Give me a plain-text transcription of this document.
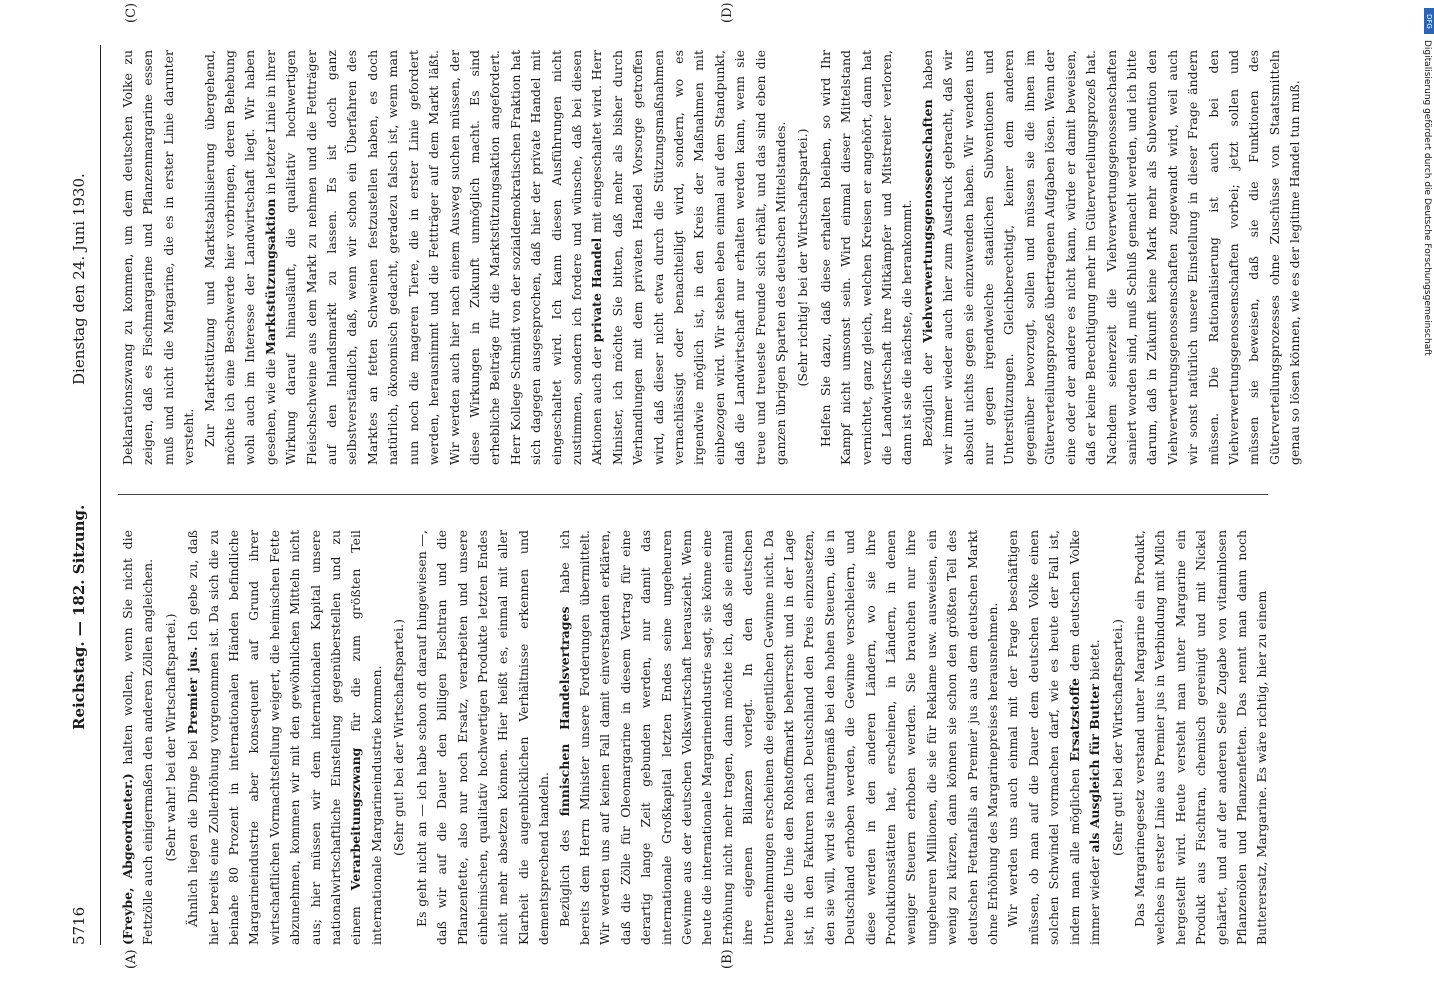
5716
Reichstag. — 182. Sitzung.
Dienstag den 24. Juni 1930.
(A)	(B)
(C)	(D)

(Freybe, Abgeordneter.) halten wollen, wenn Sie nicht die Fettzölle auch einigermaßen den anderen Zöllen angleichen. (Sehr wahr! bei der Wirtschaftspartei.) Ähnlich liegen die Dinge bei Premier jus. Ich gebe zu, daß hier bereits eine Zollerhöhung vorgenommen ist. Da sich die zu beinahe 80 Prozent in internationalen Händen befindliche Margarineindustrie aber konsequent auf Grund ihrer wirtschaftlichen Vormachtstellung weigert, die heimischen Fette abzunehmen, kommen wir mit den gewöhnlichen Mitteln nicht aus; hier müssen wir dem internationalen Kapital unsere nationalwirtschaftliche Einstellung gegenüberstellen und zu einem Verarbeitungszwang für die zum größten Teil internationale Margarineindustrie kommen. (Sehr gut! bei der Wirtschaftspartei.) Es geht nicht an — ich habe schon oft darauf hingewiesen —, daß wir auf die Dauer den billigen Fischtran und die Pflanzenfette, also nur noch Ersatz, verarbeiten und unsere einheimischen, qualitativ hochwertigen Produkte letzten Endes nicht mehr absetzen können. Hier heißt es, einmal mit aller Klarheit die augenblicklichen Verhältnisse erkennen und dementsprechend handeln. Bezüglich des finnischen Handelsvertrages habe ich bereits dem Herrn Minister unsere Forderungen übermittelt. Wir werden uns auf keinen Fall damit einverstanden erklären, daß die Zölle für Oleomargarine in diesem Vertrag für eine derartig lange Zeit gebunden werden, nur damit das internationale Großkapital letzten Endes seine ungeheuren Gewinne aus der deutschen Volkswirtschaft herauszieht. Wenn heute die internationale Margarineindustrie sagt, sie könne eine Erhöhung nicht mehr tragen, dann möchte ich, daß sie einmal ihre eigenen Bilanzen vorlegt. In den deutschen Unternehmungen erscheinen die eigentlichen Gewinne nicht. Da heute die Unie den Rohstoffmarkt beherrscht und in der Lage ist, in den Fakturen nach Deutschland den Preis einzusetzen, den sie will, wird sie naturgemäß bei den hohen Steuern, die in Deutschland erhoben werden, die Gewinne verschleiern, und diese werden in den anderen Ländern, wo sie ihre Produktionsstätten hat, erscheinen, in Ländern, in denen weniger Steuern erhoben werden. Sie brauchen nur ihre ungeheuren Millionen, die sie für Reklame usw. ausweisen, ein wenig zu kürzen, dann können sie schon den größten Teil des deutschen Fettanfalls an Premier jus aus dem deutschen Markt ohne Erhöhung des Margarinepreises herausnehmen. Wir werden uns auch einmal mit der Frage beschäftigen müssen, ob man auf die Dauer dem deutschen Volke einen solchen Schwindel vormachen darf, wie es heute der Fall ist, indem man alle möglichen Ersatzstoffe dem deutschen Volke immer wieder als Ausgleich für Butter bietet. (Sehr gut! bei der Wirtschaftspartei.) Das Margarinegesetz verstand unter Margarine ein Produkt, welches in erster Linie aus Premier jus in Verbindung mit Milch hergestellt wird. Heute versteht man unter Margarine ein Produkt aus Fischtran, chemisch gereinigt und mit Nickel gehärtet, und auf der anderen Seite Zugabe von vitaminlosen Pflanzenölen und Pflanzenfetten. Das nennt man dann noch Butterersatz, Margarine. Es wäre richtig, hier zu einem

Deklarationszwang zu kommen, um dem deutschen Volke zu zeigen, daß es Fischmargarine und Pflanzenmargarine essen muß und nicht die Margarine, die es in erster Linie darunter versteht. Zur Marktstützung und Marktstabilisierung übergehend, möchte ich eine Beschwerde hier vorbringen, deren Behebung wohl auch im Interesse der Landwirtschaft liegt. Wir haben gesehen, wie die Marktstützungsaktion in letzter Linie in ihrer Wirkung darauf hinausläuft, die qualitativ hochwertigen Fleischschweine aus dem Markt zu nehmen und die Fettträger auf den Inlandsmarkt zu lassen. Es ist doch ganz selbstverständlich, daß, wenn wir schon ein Überfahren des Marktes an fetten Schweinen festzustellen haben, es doch natürlich, ökonomisch gedacht, geradezu falsch ist, wenn man nun noch die mageren Tiere, die in erster Linie gefordert werden, herausnimmt und die Fettträger auf dem Markt läßt. Wir werden auch hier nach einem Ausweg suchen müssen, der diese Wirkungen in Zukunft unmöglich macht. Es sind erhebliche Beiträge für die Marktstützungsaktion angefordert. Herr Kollege Schmidt von der sozialdemokratischen Fraktion hat sich dagegen ausgesprochen, daß hier der private Handel mit eingeschaltet wird. Ich kann diesen Ausführungen nicht zustimmen, sondern ich fordere und wünsche, daß bei diesen Aktionen auch der private Handel mit eingeschaltet wird. Herr Minister, ich möchte Sie bitten, daß mehr als bisher durch Verhandlungen mit dem privaten Handel Vorsorge getroffen wird, daß dieser nicht etwa durch die Stützungsmaßnahmen vernachlässigt oder benachteiligt wird, sondern, wo es irgendwie möglich ist, in den Kreis der Maßnahmen mit einbezogen wird. Wir stehen eben einmal auf dem Standpunkt, daß die Landwirtschaft nur erhalten werden kann, wenn sie treue und treueste Freunde sich erhält, und das sind eben die ganzen übrigen Sparten des deutschen Mittelstandes. (Sehr richtig! bei der Wirtschaftspartei.) Helfen Sie dazu, daß diese erhalten bleiben, so wird Ihr Kampf nicht umsonst sein. Wird einmal dieser Mittelstand vernichtet, ganz gleich, welchen Kreisen er angehört, dann hat die Landwirtschaft ihre Mitkämpfer und Mitstreiter verloren, dann ist sie die nächste, die herankommt. Bezüglich der Viehverwertungsgenossenschaften haben wir immer wieder auch hier zum Ausdruck gebracht, daß wir absolut nichts gegen sie einzuwenden haben. Wir wenden uns nur gegen irgendwelche staatlichen Subventionen und Unterstützungen. Gleichberechtigt, keiner dem anderen gegenüber bevorzugt, sollen und müssen sie die ihnen im Güterverteilungsprozeß übertragenen Aufgaben lösen. Wenn der eine oder der andere es nicht kann, würde er damit beweisen, daß er keine Berechtigung mehr im Güterverteilungsprozeß hat. Nachdem seinerzeit die Viehverwertungsgenossenschaften saniert worden sind, muß Schluß gemacht werden, und ich bitte darum, daß in Zukunft keine Mark mehr als Subvention den Viehverwertungsgenossenschaften zugewandt wird, weil auch wir sonst natürlich unsere Einstellung in dieser Frage ändern müssen. Die Rationalisierung ist auch bei den Viehverwertungsgenossenschaften vorbei; jetzt sollen und müssen sie beweisen, daß sie die Funktionen des Güterverteilungsprozesses ohne Zuschüsse von Staatsmitteln genau so lösen können, wie es der legitime Handel tun muß.

DFG
Digitalisierung gefördert durch die Deutsche Forschungsgemeinschaft
